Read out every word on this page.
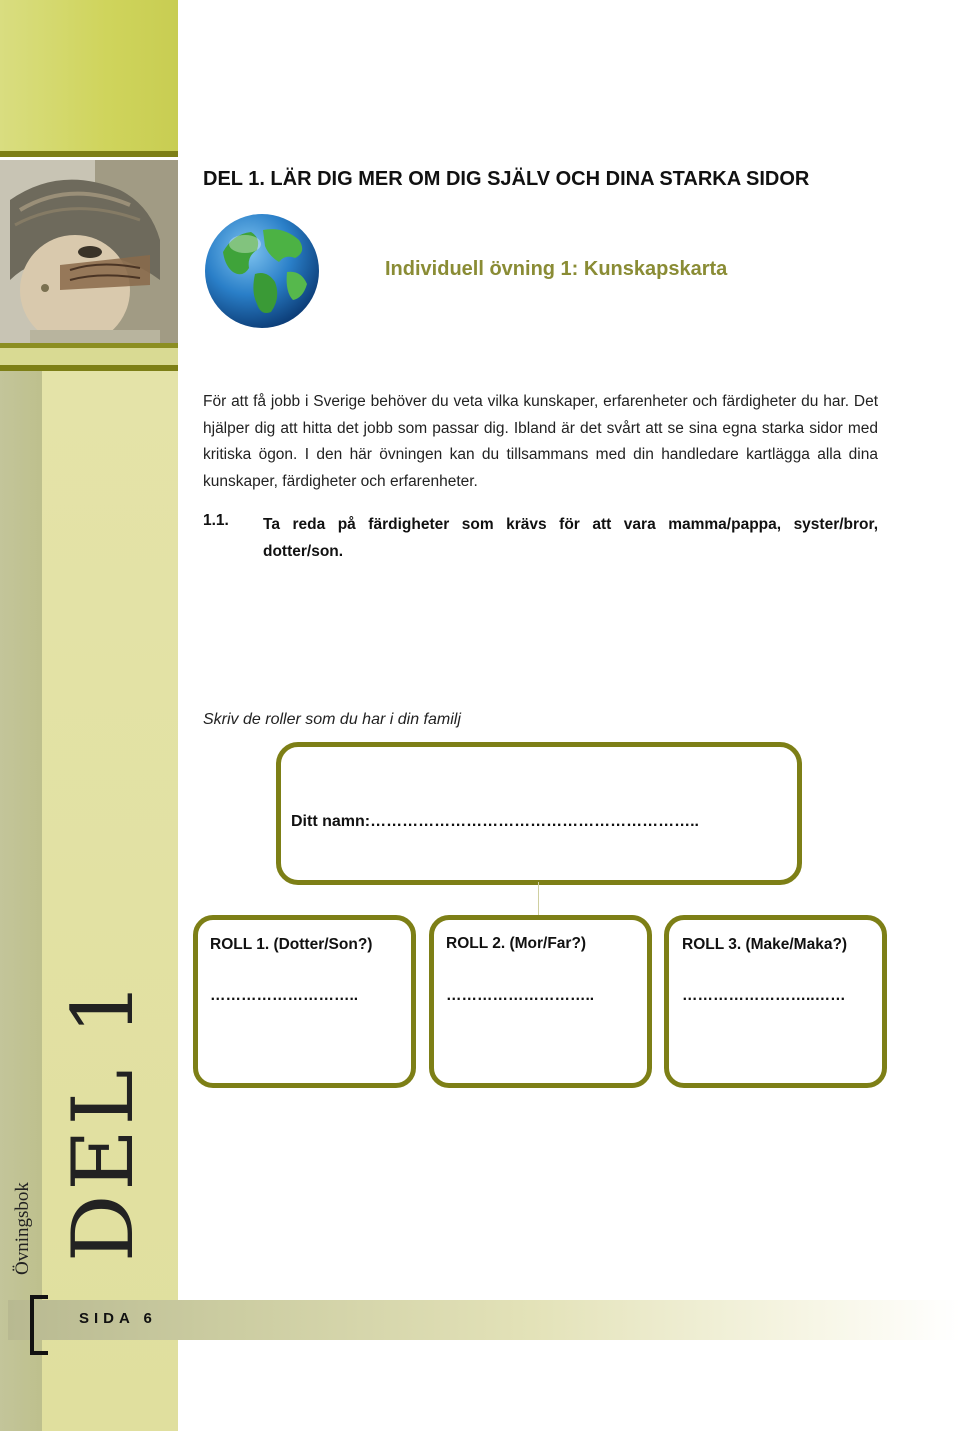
DEL 1
Övningsbok
SIDA 6
DEL 1. LÄR DIG MER OM DIG SJÄLV OCH DINA STARKA SIDOR
Individuell övning 1: Kunskapskarta
För att få jobb i Sverige behöver du veta vilka kunskaper, erfarenheter och färdigheter du har. Det hjälper dig att hitta det jobb som passar dig. Ibland är det svårt att se sina egna starka sidor med kritiska ögon. I den här övningen kan du tillsammans med din handledare kartlägga alla dina kunskaper, färdigheter och erfarenheter.
1.1. Ta reda på färdigheter som krävs för att vara mamma/pappa, syster/bror, dotter/son.
Skriv de roller som du har i din familj
Ditt namn:……………………………………………………..
ROLL 1. (Dotter/Son?)
………………………..
ROLL 2. (Mor/Far?)
………………………..
ROLL 3. (Make/Maka?)
……………………..……
